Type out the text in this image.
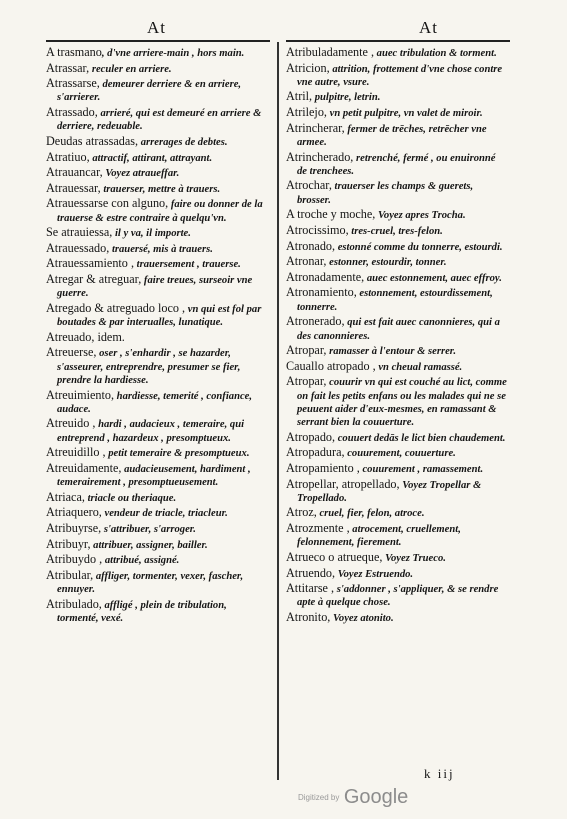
At	At

A trasmano, d'vne arriere-main , hors main.

Atrassar, reculer en arriere.

Atrassarse, demeurer derriere & en arriere, s'arrierer.

Atrassado, arrieré, qui est demeuré en arriere & derriere, redeuable.

Deudas atrassadas, arrerages de debtes.

Atratiuo, attractif, attirant, attrayant.

Atrauancar, Voyez atraueffar.

Atrauessar, trauerser, mettre à trauers.

Atrauessarse con alguno, faire ou donner de la trauerse & estre contraire à quelqu'vn.

Se atrauiessa, il y va, il importe.

Atrauessado, trauersé, mis à trauers.

Atrauessamiento , trauersement , trauerse.

Atregar & atreguar, faire treues, surseoir vne guerre.

Atregado & atreguado loco , vn qui est fol par boutades & par interualles, lunatique.

Atreuado, idem.

Atreuerse, oser , s'enhardir , se hazarder, s'asseurer, entreprendre, presumer se fier, prendre la hardiesse.

Atreuimiento, hardiesse, temerité , confiance, audace.

Atreuido , hardi , audacieux , temeraire, qui entreprend , hazardeux , presomptueux.

Atreuidillo , petit temeraire & presomptueux.

Atreuidamente, audacieusement, hardiment , temerairement , presomptueusement.

Atriaca, triacle ou theriaque.

Atriaquero, vendeur de triacle, triacleur.

Atribuyrse, s'attribuer, s'arroger.

Atribuyr, attribuer, assigner, bailler.

Atribuydo , attribué, assigné.

Atribular, affliger, tormenter, vexer, fascher, ennuyer.

Atribulado, affligé , plein de tribulation, tormenté, vexé.

Atribuladamente , auec tribulation & torment.

Atricion, attrition, frottement d'vne chose contre vne autre, vsure.

Atril, pulpitre, letrin.

Atrilejo, vn petit pulpitre, vn valet de miroir.

Atrincherar, fermer de trēches, retrēcher vne armee.

Atrincherado, retrenché, fermé , ou enuironné de trenchees.

Atrochar, trauerser les champs & guerets, brosser.

A troche y moche, Voyez apres Trocha.

Atrocissimo, tres-cruel, tres-felon.

Atronado, estonné comme du tonnerre, estourdi.

Atronar, estonner, estourdir, tonner.

Atronadamente, auec estonnement, auec effroy.

Atronamiento, estonnement, estourdissement, tonnerre.

Atronerado, qui est fait auec canonnieres, qui a des canonnieres.

Atropar, ramasser à l'entour & serrer.

Cauallo atropado , vn cheual ramassé.

Atropar, couurir vn qui est couché au lict, comme on fait les petits enfans ou les malades qui ne se peuuent aider d'eux-mesmes, en ramassant & serrant bien la couuerture.

Atropado, couuert dedās le lict bien chaudement.

Atropadura, couurement, couuerture.

Atropamiento , couurement , ramassement.

Atropellar, atropellado, Voyez Tropellar & Tropellado.

Atroz, cruel, fier, felon, atroce.

Atrozmente , atrocement, cruellement, felonnement, fierement.

Atrueco o atrueque, Voyez Trueco.

Atruendo, Voyez Estruendo.

Attitarse , s'addonner , s'appliquer, & se rendre apte à quelque chose.

Atronito, Voyez atonito.

k iij
Digitized by Google
